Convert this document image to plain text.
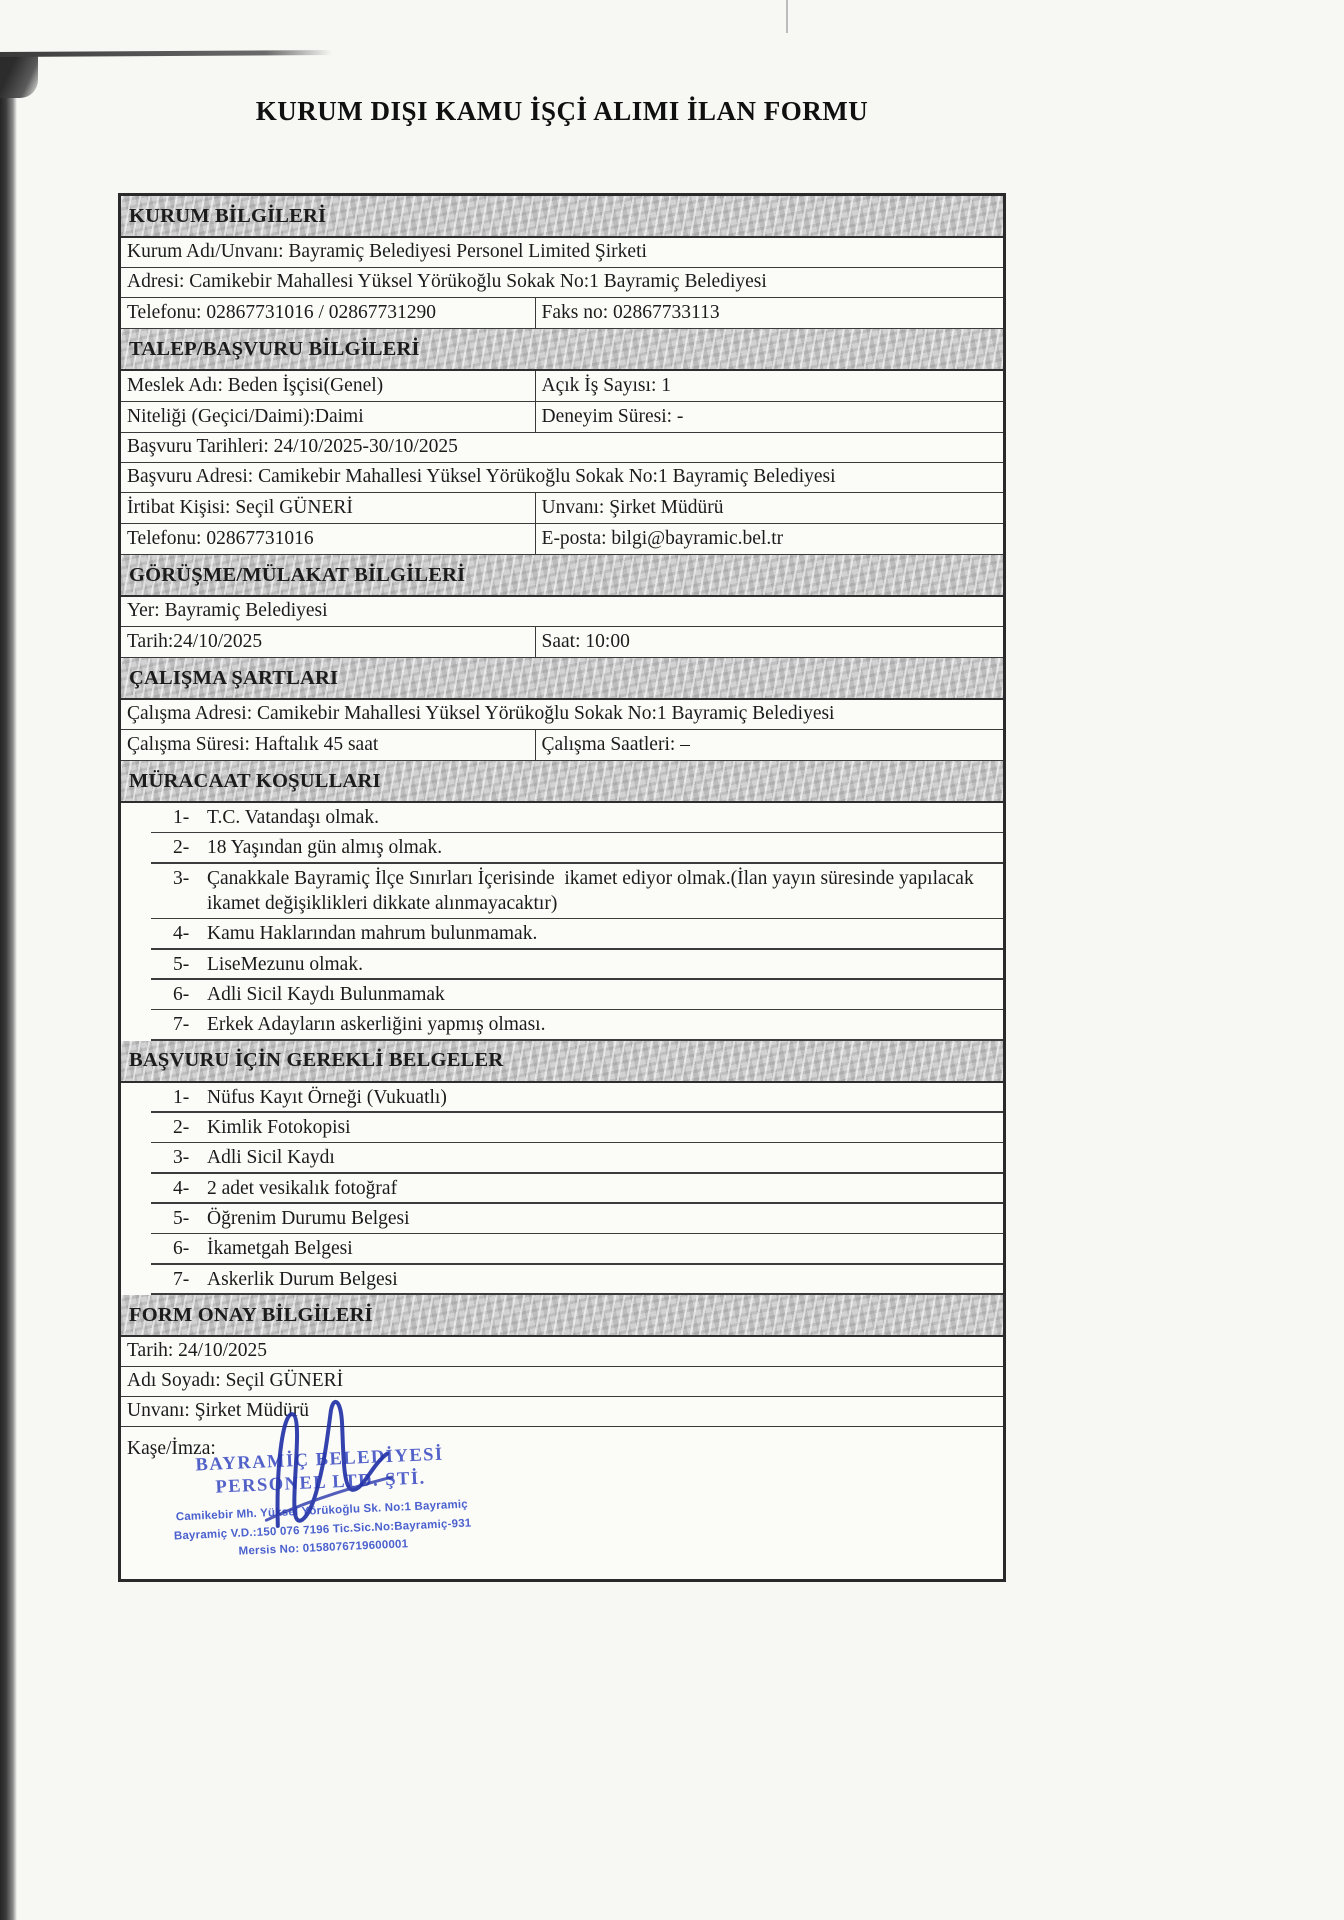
KURUM DIŞI KAMU İŞÇİ ALIMI İLAN FORMU
KURUM BİLGİLERİ
Kurum Adı/Unvanı: Bayramiç Belediyesi Personel Limited Şirketi
Adresi: Camikebir Mahallesi Yüksel Yörükoğlu Sokak No:1 Bayramiç Belediyesi
Telefonu: 02867731016 / 02867731290	Faks no: 02867733113
TALEP/BAŞVURU BİLGİLERİ
Meslek Adı: Beden İşçisi(Genel)	Açık İş Sayısı: 1
Niteliği (Geçici/Daimi):Daimi	Deneyim Süresi: -
Başvuru Tarihleri: 24/10/2025-30/10/2025
Başvuru Adresi: Camikebir Mahallesi Yüksel Yörükoğlu Sokak No:1 Bayramiç Belediyesi
İrtibat Kişisi: Seçil GÜNERİ	Unvanı: Şirket Müdürü
Telefonu: 02867731016	E-posta: bilgi@bayramic.bel.tr
GÖRÜŞME/MÜLAKAT BİLGİLERİ
Yer: Bayramiç Belediyesi
Tarih:24/10/2025	Saat: 10:00
ÇALIŞMA ŞARTLARI
Çalışma Adresi: Camikebir Mahallesi Yüksel Yörükoğlu Sokak No:1 Bayramiç Belediyesi
Çalışma Süresi: Haftalık 45 saat	Çalışma Saatleri: –
MÜRACAAT KOŞULLARI
1- T.C. Vatandaşı olmak.
2- 18 Yaşından gün almış olmak.
3- Çanakkale Bayramiç İlçe Sınırları İçerisinde  ikamet ediyor olmak.(İlan yayın süresinde yapılacak ikamet değişiklikleri dikkate alınmayacaktır)
4- Kamu Haklarından mahrum bulunmamak.
5- LiseMezunu olmak.
6- Adli Sicil Kaydı Bulunmamak
7- Erkek Adayların askerliğini yapmış olması.
BAŞVURU İÇİN GEREKLİ BELGELER
1- Nüfus Kayıt Örneği (Vukuatlı)
2- Kimlik Fotokopisi
3- Adli Sicil Kaydı
4- 2 adet vesikalık fotoğraf
5- Öğrenim Durumu Belgesi
6- İkametgah Belgesi
7- Askerlik Durum Belgesi
FORM ONAY BİLGİLERİ
Tarih: 24/10/2025
Adı Soyadı: Seçil GÜNERİ
Unvanı: Şirket Müdürü
Kaşe/İmza:
BAYRAMİÇ BELEDİYESİ
PERSONEL LTD. ŞTİ.
Camikebir Mh. Yüksel Yörükoğlu Sk. No:1 Bayramiç
Bayramiç V.D.:150 076 7196 Tic.Sic.No:Bayramiç-931
Mersis No: 0158076719600001
